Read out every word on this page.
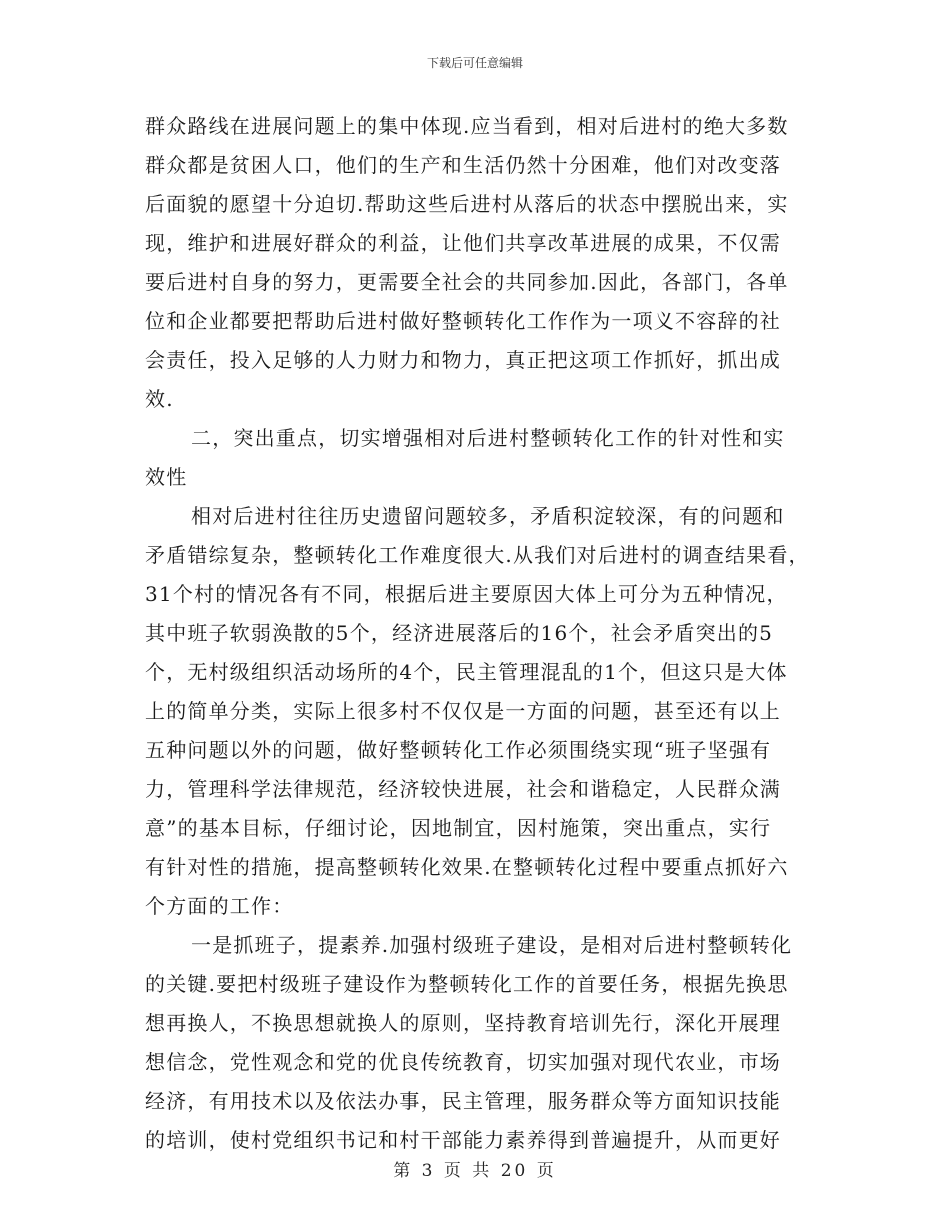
下载后可任意编辑
群众路线在进展问题上的集中体现.应当看到，相对后进村的绝大多数
群众都是贫困人口，他们的生产和生活仍然十分困难，他们对改变落
后面貌的愿望十分迫切.帮助这些后进村从落后的状态中摆脱出来，实
现，维护和进展好群众的利益，让他们共享改革进展的成果，不仅需
要后进村自身的努力，更需要全社会的共同参加.因此，各部门，各单
位和企业都要把帮助后进村做好整顿转化工作作为一项义不容辞的社
会责任，投入足够的人力财力和物力，真正把这项工作抓好，抓出成
效.
二，突出重点，切实增强相对后进村整顿转化工作的针对性和实
效性
相对后进村往往历史遗留问题较多，矛盾积淀较深，有的问题和
矛盾错综复杂，整顿转化工作难度很大.从我们对后进村的调查结果看，
31个村的情况各有不同，根据后进主要原因大体上可分为五种情况，
其中班子软弱涣散的5个，经济进展落后的16个，社会矛盾突出的5
个，无村级组织活动场所的4个，民主管理混乱的1个，但这只是大体
上的简单分类，实际上很多村不仅仅是一方面的问题，甚至还有以上
五种问题以外的问题，做好整顿转化工作必须围绕实现“班子坚强有
力，管理科学法律规范，经济较快进展，社会和谐稳定，人民群众满
意”的基本目标，仔细讨论，因地制宜，因村施策，突出重点，实行
有针对性的措施，提高整顿转化效果.在整顿转化过程中要重点抓好六
个方面的工作：
一是抓班子，提素养.加强村级班子建设，是相对后进村整顿转化
的关键.要把村级班子建设作为整顿转化工作的首要任务，根据先换思
想再换人，不换思想就换人的原则，坚持教育培训先行，深化开展理
想信念，党性观念和党的优良传统教育，切实加强对现代农业，市场
经济，有用技术以及依法办事，民主管理，服务群众等方面知识技能
的培训，使村党组织书记和村干部能力素养得到普遍提升，从而更好
第 3 页 共 20 页
